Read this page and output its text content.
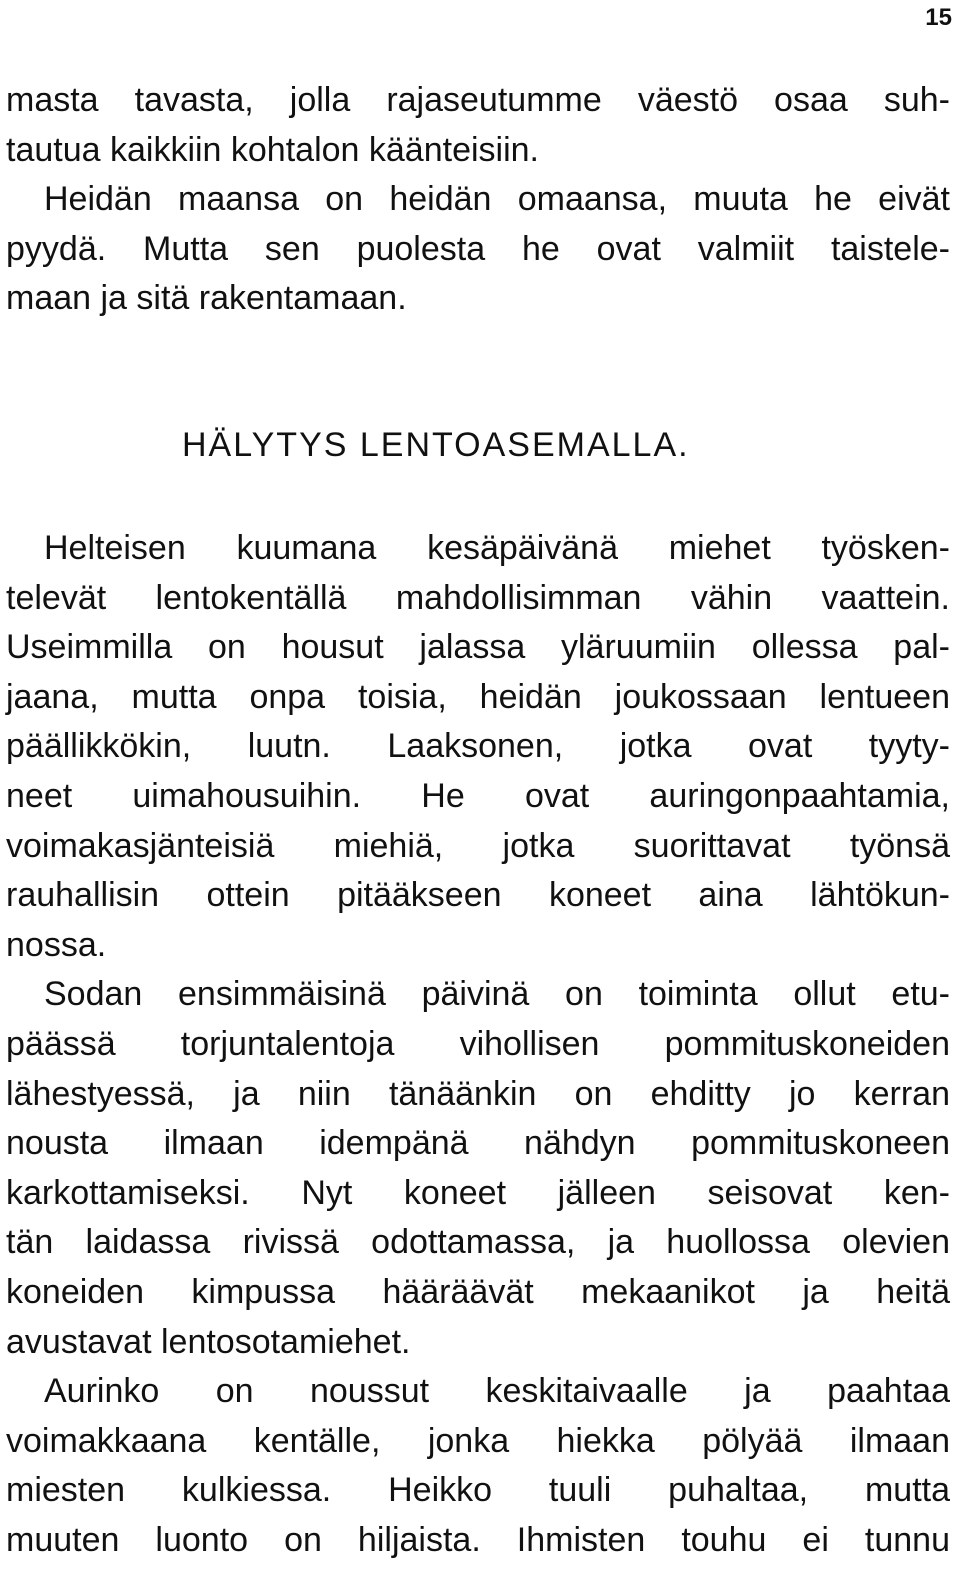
15
masta tavasta, jolla rajaseutumme väestö osaa suh-
tautua kaikkiin kohtalon käänteisiin.
Heidän maansa on heidän omaansa, muuta he eivät
pyydä. Mutta sen puolesta he ovat valmiit taistele-
maan ja sitä rakentamaan.
HÄLYTYS LENTOASEMALLA.
Helteisen kuumana kesäpäivänä miehet työsken-
televät lentokentällä mahdollisimman vähin vaattein.
Useimmilla on housut jalassa yläruumiin ollessa pal-
jaana, mutta onpa toisia, heidän joukossaan lentueen
päällikkökin, luutn. Laaksonen, jotka ovat tyyty-
neet uimahousuihin. He ovat auringonpaahtamia,
voimakasjänteisiä miehiä, jotka suorittavat työnsä
rauhallisin ottein pitääkseen koneet aina lähtökun-
nossa.
Sodan ensimmäisinä päivinä on toiminta ollut etu-
päässä torjuntalentoja vihollisen pommituskoneiden
lähestyessä, ja niin tänäänkin on ehditty jo kerran
nousta ilmaan idempänä nähdyn pommituskoneen
karkottamiseksi. Nyt koneet jälleen seisovat ken-
tän laidassa rivissä odottamassa, ja huollossa olevien
koneiden kimpussa hääräävät mekaanikot ja heitä
avustavat lentosotamiehet.
Aurinko on noussut keskitaivaalle ja paahtaa
voimakkaana kentälle, jonka hiekka pölyää ilmaan
miesten kulkiessa. Heikko tuuli puhaltaa, mutta
muuten luonto on hiljaista. Ihmisten touhu ei tunnu
